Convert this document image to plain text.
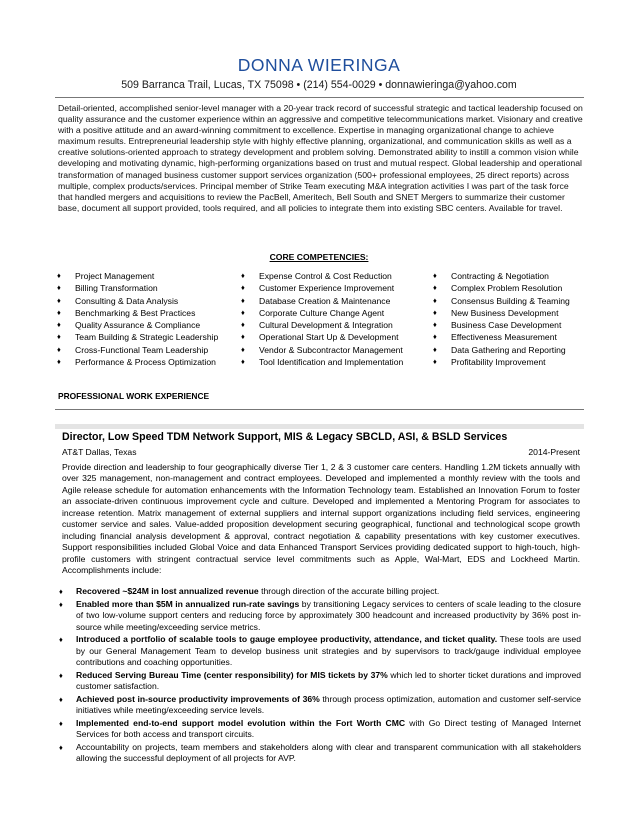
DONNA WIERINGA
509 Barranca Trail, Lucas, TX 75098 • (214) 554-0029 • donnawieringa@yahoo.com

Detail-oriented, accomplished senior-level manager with a 20-year track record of successful strategic and tactical leadership focused on quality assurance and the customer experience within an aggressive and competitive telecommunications market. Visionary and creative with a positive attitude and an award-winning commitment to excellence. Expertise in managing organizational change to achieve maximum results. Entrepreneurial leadership style with highly effective planning, organizational, and communication skills as well as a creative solutions-oriented approach to strategy development and problem solving. Demonstrated ability to instill a common vision while developing and motivating dynamic, high-performing organizations based on trust and mutual respect. Global leadership and operational transformation of managed business customer support services organization (500+ professional employees, 25 direct reports) across multiple, complex products/services. Principal member of Strike Team executing M&A integration activities I was part of the task force that handled mergers and acquisitions to review the PacBell, Ameritech, Bell South and SNET Mergers to summarize their customer base, document all support provided, tools required, and all policies to integrate them into existing SBC centers. Available for travel.

CORE COMPETENCIES:
♦ Project Management
♦ Billing Transformation
♦ Consulting & Data Analysis
♦ Benchmarking & Best Practices
♦ Quality Assurance & Compliance
♦ Team Building & Strategic Leadership
♦ Cross-Functional Team Leadership
♦ Performance & Process Optimization
♦ Expense Control & Cost Reduction
♦ Customer Experience Improvement
♦ Database Creation & Maintenance
♦ Corporate Culture Change Agent
♦ Cultural Development & Integration
♦ Operational Start Up & Development
♦ Vendor & Subcontractor Management
♦ Tool Identification and Implementation
♦ Contracting & Negotiation
♦ Complex Problem Resolution
♦ Consensus Building & Teaming
♦ New Business Development
♦ Business Case Development
♦ Effectiveness Measurement
♦ Data Gathering and Reporting
♦ Profitability Improvement
PROFESSIONAL WORK EXPERIENCE
Director, Low Speed TDM Network Support, MIS & Legacy SBCLD, ASI, & BSLD Services
AT&T Dallas, Texas	2014-Present

Provide direction and leadership to four geographically diverse Tier 1, 2 & 3 customer care centers. Handling 1.2M tickets annually with over 325 management, non-management and contract employees. Developed and implemented a monthly review with the tools and Agile release schedule for automation enhancements with the Information Technology team. Established an Innovation Forum to foster an associate-driven continuous improvement cycle and culture. Developed and implemented a Mentoring Program for associates to increase retention. Matrix management of external suppliers and internal support organizations including field services, engineering customer service and sales. Value-added proposition development securing geographical, functional and technological scope growth including financial analysis development & approval, contract negotiation & capability presentations with key customer executives. Support responsibilities included Global Voice and data Enhanced Transport Services providing dedicated support to high-touch, high-profile customers with stringent contractual service level commitments such as Apple, Wal-Mart, EDS and Lockheed Martin. Accomplishments include:

♦ Recovered ~$24M in lost annualized revenue through direction of the accurate billing project.
♦ Enabled more than $5M in annualized run-rate savings by transitioning Legacy services to centers of scale leading to the closure of two low-volume support centers and reducing force by approximately 300 headcount and increased productivity by 36% post in-source while meeting/exceeding service metrics.
♦ Introduced a portfolio of scalable tools to gauge employee productivity, attendance, and ticket quality. These tools are used by our General Management Team to develop business unit strategies and by supervisors to track/gauge individual employee contributions and coaching opportunities.
♦ Reduced Serving Bureau Time (center responsibility) for MIS tickets by 37% which led to shorter ticket durations and improved customer satisfaction.
♦ Achieved post in-source productivity improvements of 36% through process optimization, automation and customer self-service initiatives while meeting/exceeding service levels.
♦ Implemented end-to-end support model evolution within the Fort Worth CMC with Go Direct testing of Managed Internet Services for both access and transport circuits.
♦ Accountability on projects, team members and stakeholders along with clear and transparent communication with all stakeholders allowing the successful deployment of all projects for AVP.
